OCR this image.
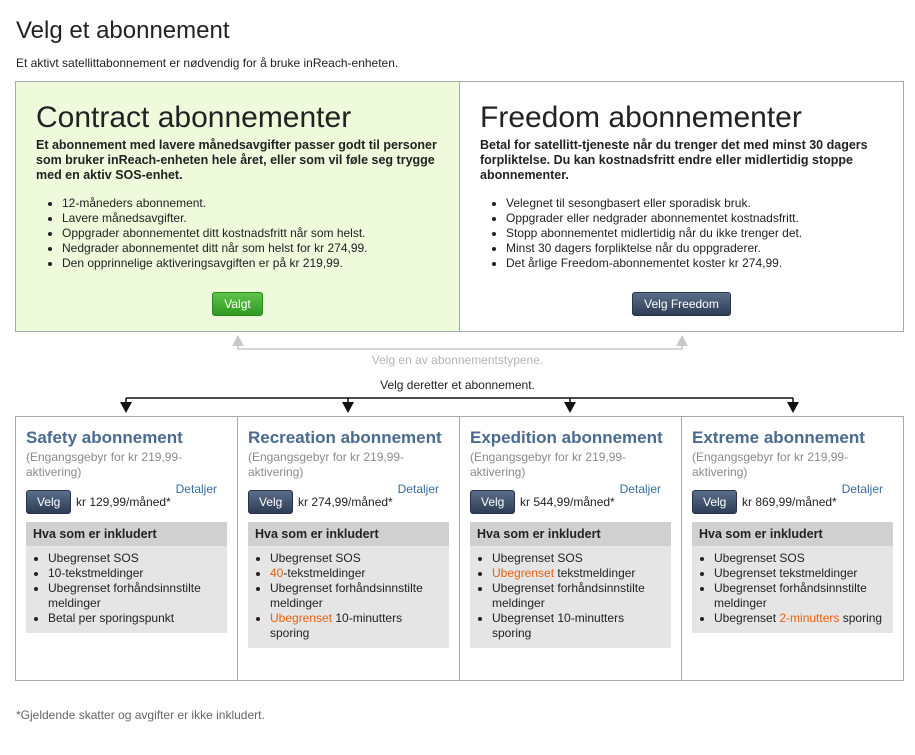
Velg et abonnement
Et aktivt satellittabonnement er nødvendig for å bruke inReach-enheten.
Contract abonnementer

Et abonnement med lavere månedsavgifter passer godt til personer som bruker inReach-enheten hele året, eller som vil føle seg trygge med en aktiv SOS-enhet.

• 12-måneders abonnement.
• Lavere månedsavgifter.
• Oppgrader abonnementet ditt kostnadsfritt når som helst.
• Nedgrader abonnementet ditt når som helst for kr 274,99.
• Den opprinnelige aktiveringsavgiften er på kr 219,99.
Valgt
Freedom abonnementer

Betal for satellitt-tjeneste når du trenger det med minst 30 dagers forpliktelse. Du kan kostnadsfritt endre eller midlertidig stoppe abonnementer.

• Velegnet til sesongbasert eller sporadisk bruk.
• Oppgrader eller nedgrader abonnementet kostnadsfritt.
• Stopp abonnementet midlertidig når du ikke trenger det.
• Minst 30 dagers forpliktelse når du oppgraderer.
• Det årlige Freedom-abonnementet koster kr 274,99.
Velg Freedom
Velg en av abonnementstypene.
Velg deretter et abonnement.
Safety abonnement
(Engangsgebyr for kr 219,99-aktivering)
Velg	kr 129,99/måned*
Detaljer
Hva som er inkludert
• Ubegrenset SOS
• 10-tekstmeldinger
• Ubegrenset forhåndsinnstilte meldinger
• Betal per sporingspunkt
Recreation abonnement
(Engangsgebyr for kr 219,99-aktivering)
Velg	kr 274,99/måned*
Detaljer
Hva som er inkludert
• Ubegrenset SOS
• 40-tekstmeldinger
• Ubegrenset forhåndsinnstilte meldinger
• Ubegrenset 10-minutters sporing
Expedition abonnement
(Engangsgebyr for kr 219,99-aktivering)
Velg	kr 544,99/måned*
Detaljer
Hva som er inkludert
• Ubegrenset SOS
• Ubegrenset tekstmeldinger
• Ubegrenset forhåndsinnstilte meldinger
• Ubegrenset 10-minutters sporing
Extreme abonnement
(Engangsgebyr for kr 219,99-aktivering)
Velg	kr 869,99/måned*
Detaljer
Hva som er inkludert
• Ubegrenset SOS
• Ubegrenset tekstmeldinger
• Ubegrenset forhåndsinnstilte meldinger
• Ubegrenset 2-minutters sporing
*Gjeldende skatter og avgifter er ikke inkludert.
